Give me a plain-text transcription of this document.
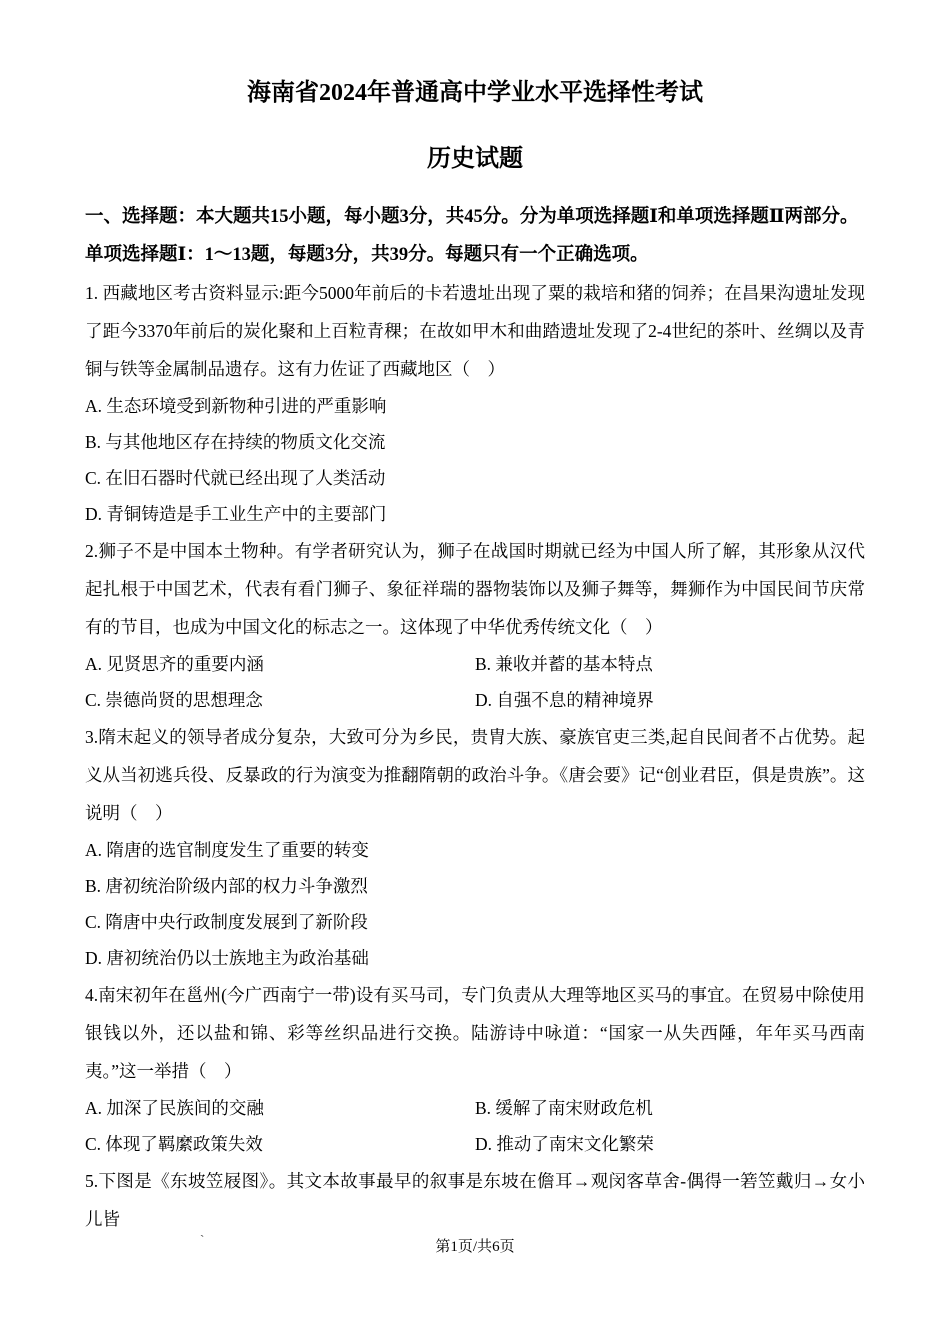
海南省2024年普通高中学业水平选择性考试
历史试题

一、选择题：本大题共15小题，每小题3分，共45分。分为单项选择题Ⅰ和单项选择题Ⅱ两部分。

单项选择题Ⅰ：1～13题，每题3分，共39分。每题只有一个正确选项。

1. 西藏地区考古资料显示:距今5000年前后的卡若遗址出现了粟的栽培和猪的饲养；在昌果沟遗址发现了距今3370年前后的炭化聚和上百粒青稞；在故如甲木和曲踏遗址发现了2-4世纪的茶叶、丝绸以及青铜与铁等金属制品遗存。这有力佐证了西藏地区（　）

A. 生态环境受到新物种引进的严重影响

B. 与其他地区存在持续的物质文化交流

C. 在旧石器时代就已经出现了人类活动

D. 青铜铸造是手工业生产中的主要部门

2.狮子不是中国本土物种。有学者研究认为，狮子在战国时期就已经为中国人所了解，其形象从汉代起扎根于中国艺术，代表有看门狮子、象征祥瑞的器物装饰以及狮子舞等，舞狮作为中国民间节庆常有的节目，也成为中国文化的标志之一。这体现了中华优秀传统文化（　）

A. 见贤思齐的重要内涵	B. 兼收并蓄的基本特点

C. 崇德尚贤的思想理念	D. 自强不息的精神境界

3.隋末起义的领导者成分复杂，大致可分为乡民，贵胄大族、豪族官吏三类,起自民间者不占优势。起义从当初逃兵役、反暴政的行为演变为推翻隋朝的政治斗争。《唐会要》记“创业君臣，俱是贵族”。这说明（　）

A. 隋唐的选官制度发生了重要的转变

B. 唐初统治阶级内部的权力斗争激烈

C. 隋唐中央行政制度发展到了新阶段

D. 唐初统治仍以士族地主为政治基础

4.南宋初年在邕州(今广西南宁一带)设有买马司，专门负责从大理等地区买马的事宜。在贸易中除使用银钱以外，还以盐和锦、彩等丝织品进行交换。陆游诗中咏道：“国家一从失西陲，年年买马西南夷。”这一举措（　）

A. 加深了民族间的交融	B. 缓解了南宋财政危机

C. 体现了羁縻政策失效	D. 推动了南宋文化繁荣

5.下图是《东坡笠屐图》。其文本故事最早的叙事是东坡在儋耳→观闵客草舍-偶得一箬笠戴归→女小儿皆

`	第1页/共6页
